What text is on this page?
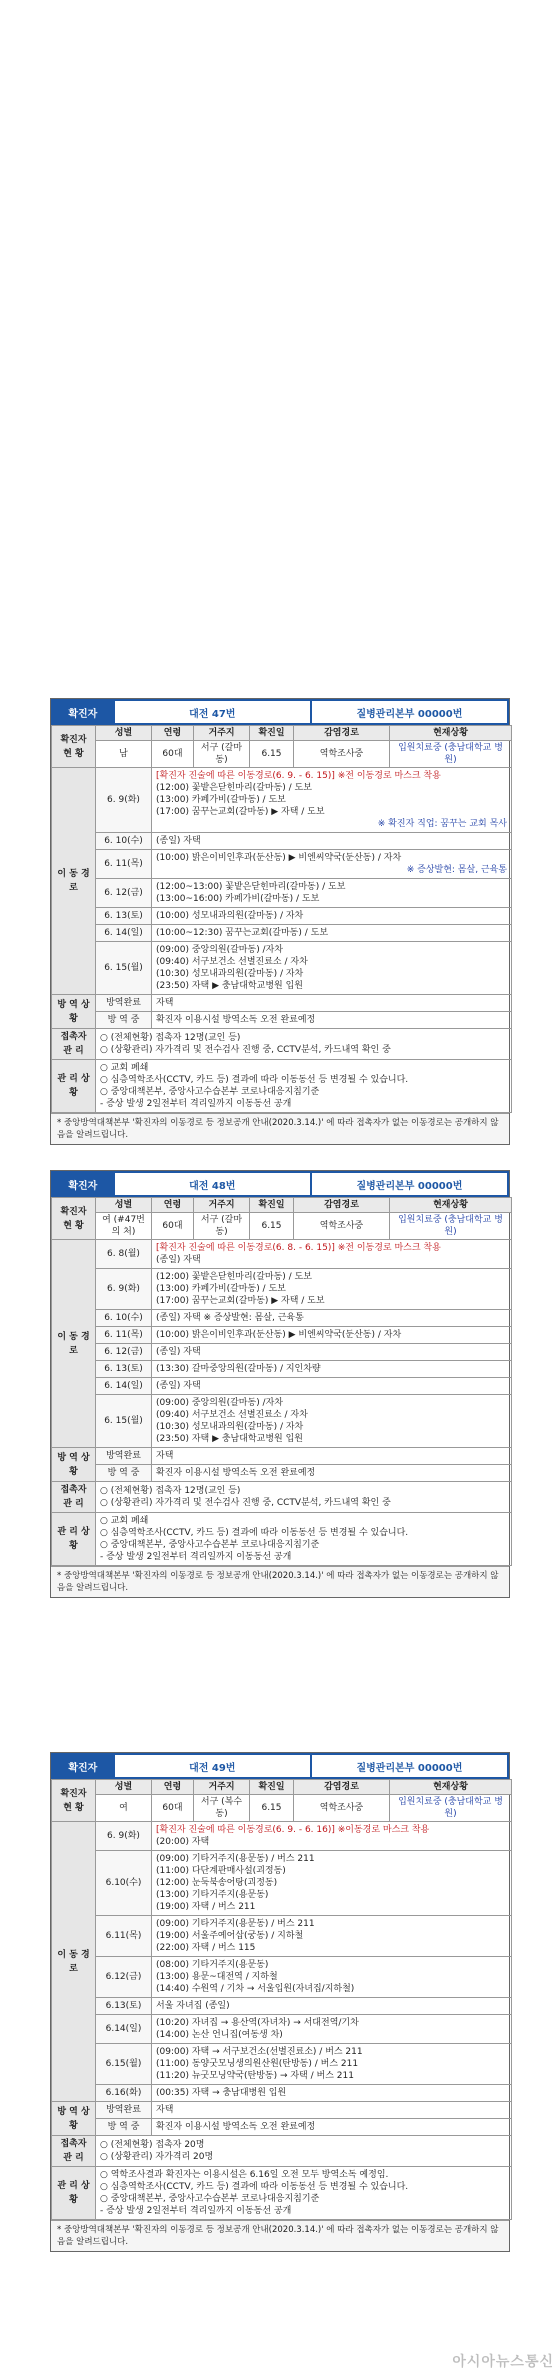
확진자	대전 47번	질병관리본부 00000번
확진자 현 황	성별	연령	거주지	확진일	감염경로	현재상황
	남	60대	서구 (갈마동)	6.15	역학조사중	입원치료중 (충남대학교 병원)
이 동 경 로	6. 9(화)	[확진자 진술에 따른 이동경로(6. 9. - 6. 15)] ※전 이동경로 마스크 착용
(12:00) 꽃밭은닫힌마리(갈마동) / 도보
(13:00) 카페가비(갈마동) / 도보
(17:00) 꿈꾸는교회(갈마동) ▶ 자택 / 도보
※ 확진자 직업: 꿈꾸는 교회 목사				

	6. 10(수)	(종일) 자택				

	6. 11(목)	(10:00) 밝은이비인후과(둔산동) ▶ 비엔씨약국(둔산동) / 자차
※ 증상발현: 몸살, 근육통				

	6. 12(금)	(12:00~13:00) 꽃밭은닫힌마리(갈마동) / 도보
(13:00~16:00) 카페가비(갈마동) / 도보				

	6. 13(토)	(10:00) 성모내과의원(갈마동) / 자차				

	6. 14(일)	(10:00~12:30) 꿈꾸는교회(갈마동) / 도보				

	6. 15(월)	(09:00) 중앙의원(갈마동) /자차
(09:40) 서구보건소 선별진료소 / 자차
(10:30) 성모내과의원(갈마동) / 자차
(23:50) 자택 ▶ 충남대학교병원 입원				

방 역 상 황	방역완료	자택				
	방 역 중	확진자 이용시설 방역소독 오전 완료예정				
접촉자 관 리	○ (전체현황) 접촉자 12명(교인 등)
○ (상황관리) 자가격리 및 전수검사 진행 중, CCTV분석, 카드내역 확인 중					

관 리 상 황	○ 교회 폐쇄
○ 심층역학조사(CCTV, 카드 등) 결과에 따라 이동동선 등 변경될 수 있습니다.
○ 중앙대책본부, 중앙사고수습본부 코로나대응지침기준
- 증상 발생 2일전부터 격리일까지 이동동선 공개					
* 중앙방역대책본부 '확진자의 이동경로 등 정보공개 안내(2020.3.14.)' 에 따라 접촉자가 없는 이동경로는 공개하지 않음을 알려드립니다.
확진자	대전 48번	질병관리본부 00000번
확진자 현 황	성별	연령	거주지	확진일	감염경로	현재상황
	여 (#47번의 처)	60대	서구 (갈마동)	6.15	역학조사중	입원치료중 (충남대학교 병원)
이 동 경 로	6. 8(월)	[확진자 진술에 따른 이동경로(6. 8. - 6. 15)] ※전 이동경로 마스크 착용
(종일) 자택				

	6. 9(화)	(12:00) 꽃밭은닫힌마리(갈마동) / 도보
(13:00) 카페가비(갈마동) / 도보
(17:00) 꿈꾸는교회(갈마동) ▶ 자택 / 도보				

	6. 10(수)	(종일) 자택 ※ 증상발현: 몸살, 근육통				

	6. 11(목)	(10:00) 밝은이비인후과(둔산동) ▶ 비엔씨약국(둔산동) / 자차				

	6. 12(금)	(종일) 자택				

	6. 13(토)	(13:30) 갈마중앙의원(갈마동) / 지인차량				

	6. 14(일)	(종일) 자택				

	6. 15(월)	(09:00) 중앙의원(갈마동) /자차
(09:40) 서구보건소 선별진료소 / 자차
(10:30) 성모내과의원(갈마동) / 자차
(23:50) 자택 ▶ 충남대학교병원 입원				

방 역 상 황	방역완료	자택				
	방 역 중	확진자 이용시설 방역소독 오전 완료예정				
접촉자 관 리	○ (전체현황) 접촉자 12명(교인 등)
○ (상황관리) 자가격리 및 전수검사 진행 중, CCTV분석, 카드내역 확인 중					

관 리 상 황	○ 교회 폐쇄
○ 심층역학조사(CCTV, 카드 등) 결과에 따라 이동동선 등 변경될 수 있습니다.
○ 중앙대책본부, 중앙사고수습본부 코로나대응지침기준
- 증상 발생 2일전부터 격리일까지 이동동선 공개					
* 중앙방역대책본부 '확진자의 이동경로 등 정보공개 안내(2020.3.14.)' 에 따라 접촉자가 없는 이동경로는 공개하지 않음을 알려드립니다.
확진자	대전 49번	질병관리본부 00000번
확진자 현 황	성별	연령	거주지	확진일	감염경로	현재상황
	여	60대	서구 (복수동)	6.15	역학조사중	입원치료중 (충남대학교 병원)
이 동 경 로	6. 9(화)	[확진자 진술에 따른 이동경로(6. 9. - 6. 16)] ※이동경로 마스크 착용
(20:00) 자택				

	6.10(수)	(09:00) 기타거주지(용문동) / 버스 211
(11:00) 다단계판매사설(괴정동)
(12:00) 눈둑북송어탕(괴정동)
(13:00) 기타거주지(용문동)
(19:00) 자택 / 버스 211				

	6.11(목)	(09:00) 기타거주지(용문동) / 버스 211
(19:00) 서울주예어삽(궁동) / 지하철
(22:00) 자택 / 버스 115				

	6.12(금)	(08:00) 기타거주지(용문동)
(13:00) 용문~대전역 / 지하철
(14:40) 수원역 / 기차 → 서울입원(자녀집/지하철)				

	6.13(토)	서울 자녀집 (종일)				

	6.14(일)	(10:20) 자녀집 → 용산역(자녀차) → 서대전역/기차
(14:00) 논산 언니집(여동생 차)				

	6.15(월)	(09:00) 자택 → 서구보건소(선별진료소) / 버스 211
(11:00) 동양굿모닝생의원산원(탄방동) / 버스 211
(11:20) 뉴굿모닝약국(탄방동) → 자택 / 버스 211				

	6.16(화)	(00:35) 자택 → 충남대병원 입원				

방 역 상 황	방역완료	자택				
	방 역 중	확진자 이용시설 방역소독 오전 완료예정				
접촉자 관 리	○ (전체현황) 접촉자 20명
○ (상황관리) 자가격리 20명					

관 리 상 황	○ 역학조사결과 확진자는 이용시설은 6.16일 오전 모두 방역소독 예정임.
○ 심층역학조사(CCTV, 카드 등) 결과에 따라 이동동선 등 변경될 수 있습니다.
○ 중앙대책본부, 중앙사고수습본부 코로나대응지침기준
- 증상 발생 2일전부터 격리일까지 이동동선 공개					
* 중앙방역대책본부 '확진자의 이동경로 등 정보공개 안내(2020.3.14.)' 에 따라 접촉자가 없는 이동경로는 공개하지 않음을 알려드립니다.
아시아뉴스통신
